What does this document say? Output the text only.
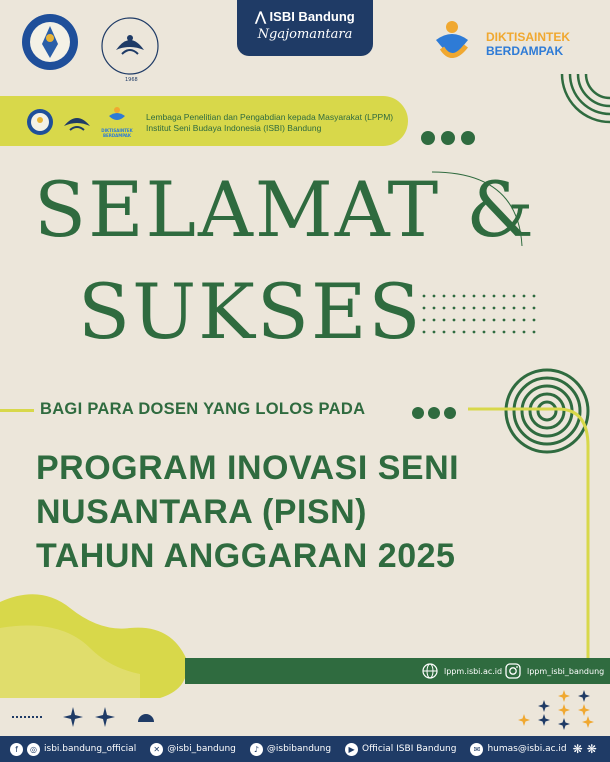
1968
⋀ ISBI Bandung
Ngajomantara	DIKTISAINTEK
BERDAMPAK
DIKTISAINTEK BERDAMPAK
Lembaga Penelitian dan Pengabdian kepada Masyarakat (LPPM)
Institut Seni Budaya Indonesia (ISBI) Bandung
SELAMAT &
SUKSES
BAGI PARA DOSEN YANG LOLOS PADA
PROGRAM INOVASI SENI
NUSANTARA (PISN)
TAHUN ANGGARAN 2025
lppm.isbi.ac.id	lppm_isbi_bandung
f	◎ isbi.bandung_official	✕ @isbi_bandung	♪ @isbibandung	▶ Official ISBI Bandung	✉ humas@isbi.ac.id ❋ ❋
